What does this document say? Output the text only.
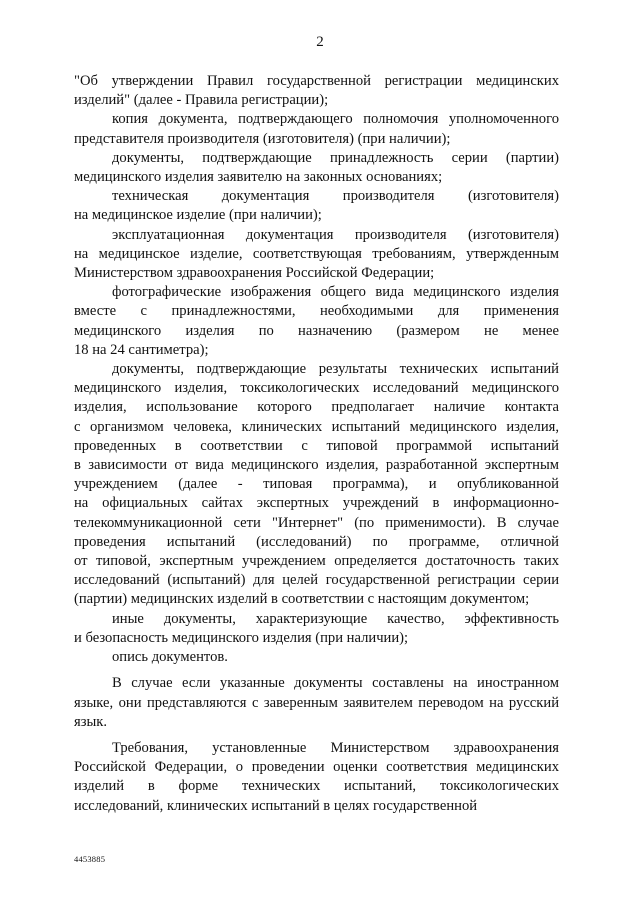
2
"Об утверждении Правил государственной регистрации медицинских
изделий" (далее - Правила регистрации);
копия документа, подтверждающего полномочия уполномоченного
представителя производителя (изготовителя) (при наличии);
документы, подтверждающие принадлежность серии (партии)
медицинского изделия заявителю на законных основаниях;
техническая документация производителя (изготовителя)
на медицинское изделие (при наличии);
эксплуатационная документация производителя (изготовителя)
на медицинское изделие, соответствующая требованиям, утвержденным
Министерством здравоохранения Российской Федерации;
фотографические изображения общего вида медицинского изделия
вместе с принадлежностями, необходимыми для применения
медицинского изделия по назначению (размером не менее
18 на 24 сантиметра);
документы, подтверждающие результаты технических испытаний
медицинского изделия, токсикологических исследований медицинского
изделия, использование которого предполагает наличие контакта
с организмом человека, клинических испытаний медицинского изделия,
проведенных в соответствии с типовой программой испытаний
в зависимости от вида медицинского изделия, разработанной экспертным
учреждением (далее - типовая программа), и опубликованной
на официальных сайтах экспертных учреждений в информационно-
телекоммуникационной сети "Интернет" (по применимости). В случае
проведения испытаний (исследований) по программе, отличной
от типовой, экспертным учреждением определяется достаточность таких
исследований (испытаний) для целей государственной регистрации серии
(партии) медицинских изделий в соответствии с настоящим документом;
иные документы, характеризующие качество, эффективность
и безопасность медицинского изделия (при наличии);
опись документов.
В случае если указанные документы составлены на иностранном
языке, они представляются с заверенным заявителем переводом на русский
язык.
Требования, установленные Министерством здравоохранения
Российской Федерации, о проведении оценки соответствия медицинских
изделий в форме технических испытаний, токсикологических
исследований, клинических испытаний в целях государственной
4453885
